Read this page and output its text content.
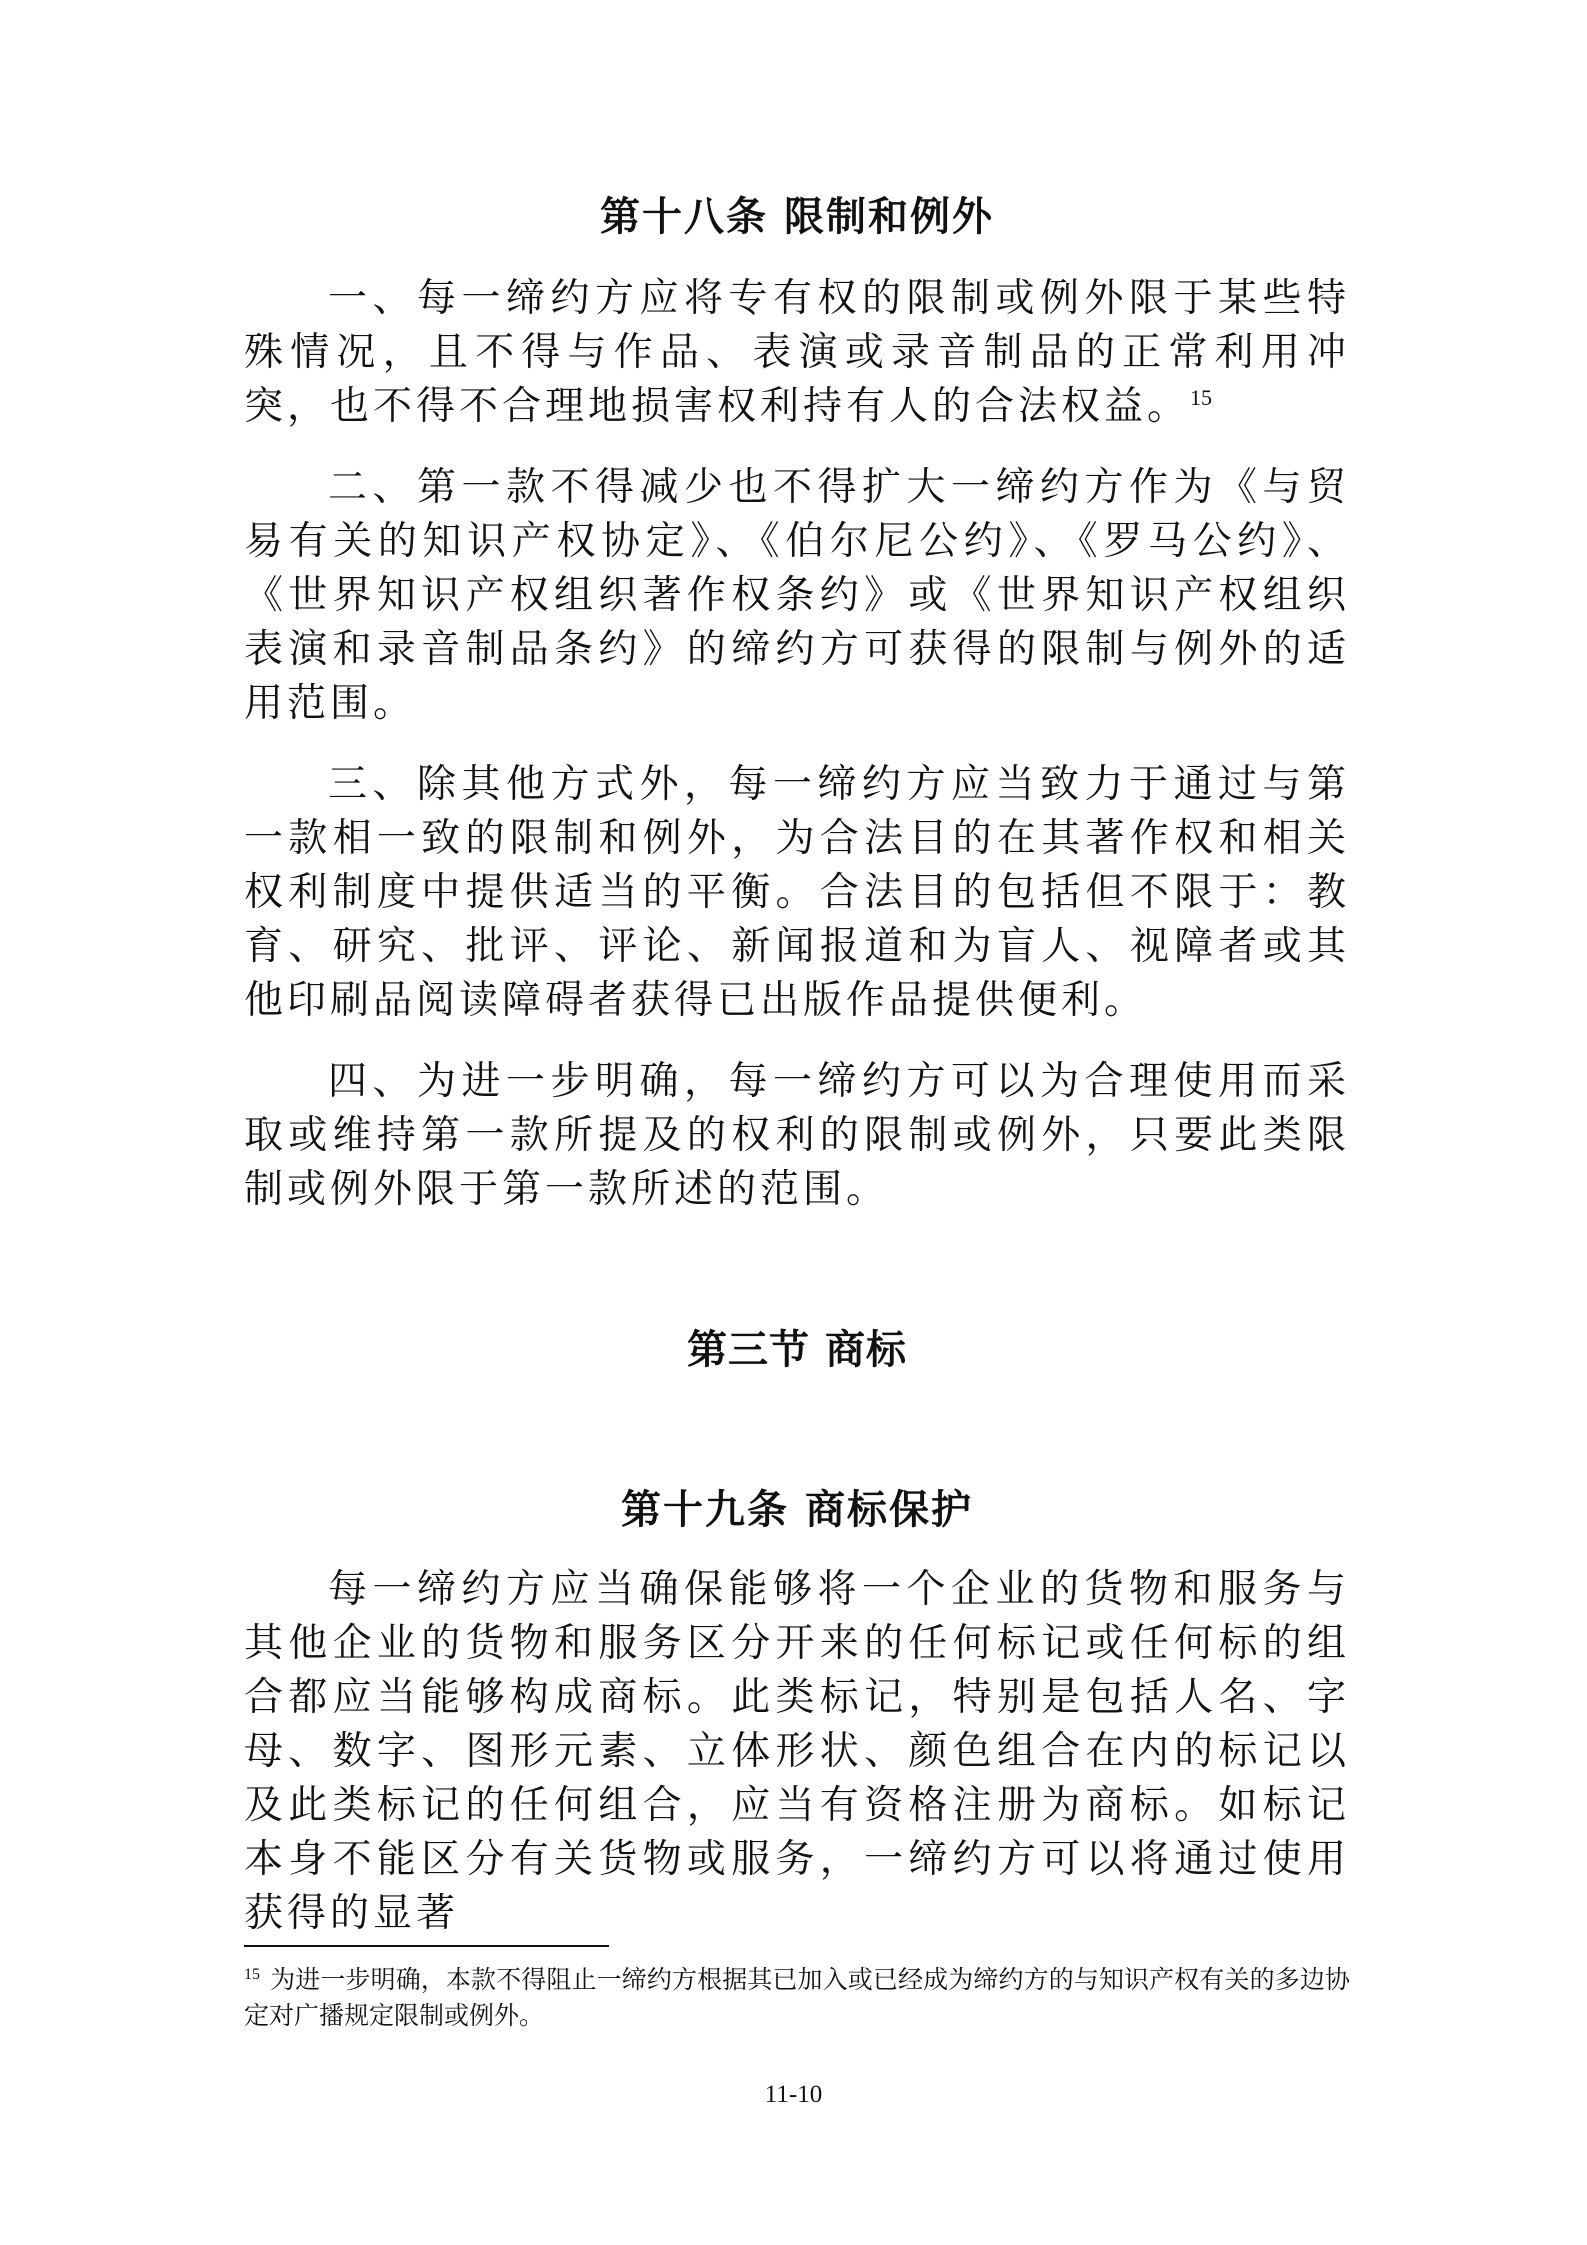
第十八条 限制和例外

一、每一缔约方应将专有权的限制或例外限于某些特殊情况，且不得与作品、表演或录音制品的正常利用冲突，也不得不合理地损害权利持有人的合法权益。$^{15}$

二、第一款不得减少也不得扩大一缔约方作为《与贸易有关的知识产权协定》、《伯尔尼公约》、《罗马公约》、《世界知识产权组织著作权条约》或《世界知识产权组织表演和录音制品条约》的缔约方可获得的限制与例外的适用范围。

三、除其他方式外，每一缔约方应当致力于通过与第一款相一致的限制和例外，为合法目的在其著作权和相关权利制度中提供适当的平衡。合法目的包括但不限于：教育、研究、批评、评论、新闻报道和为盲人、视障者或其他印刷品阅读障碍者获得已出版作品提供便利。

四、为进一步明确，每一缔约方可以为合理使用而采取或维持第一款所提及的权利的限制或例外，只要此类限制或例外限于第一款所述的范围。

第三节 商标
第十九条 商标保护

每一缔约方应当确保能够将一个企业的货物和服务与其他企业的货物和服务区分开来的任何标记或任何标的组合都应当能够构成商标。此类标记，特别是包括人名、字母、数字、图形元素、立体形状、颜色组合在内的标记以及此类标记的任何组合，应当有资格注册为商标。如标记本身不能区分有关货物或服务，一缔约方可以将通过使用获得的显著

$^{15}$ 为进一步明确，本款不得阻止一缔约方根据其已加入或已经成为缔约方的与知识产权有关的多边协定对广播规定限制或例外。
11-10
